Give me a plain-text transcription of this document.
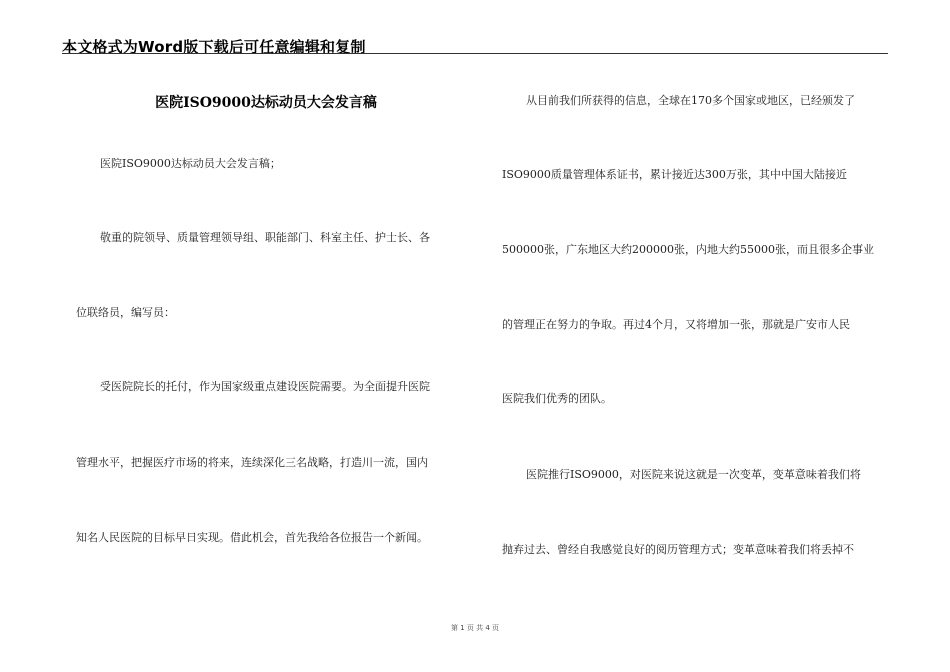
本文格式为Word版下载后可任意编辑和复制
医院ISO9000达标动员大会发言稿
医院ISO9000达标动员大会发言稿；
敬重的院领导、质量管理领导组、职能部门、科室主任、护士长、各
位联络员，编写员：
受医院院长的托付，作为国家级重点建设医院需要。为全面提升医院
管理水平，把握医疗市场的将来，连续深化三名战略，打造川一流，国内
知名人民医院的目标早日实现。借此机会，首先我给各位报告一个新闻。
从目前我们所获得的信息，全球在170多个国家或地区，已经颁发了
ISO9000质量管理体系证书，累计接近达300万张，其中中国大陆接近
500000张，广东地区大约200000张，内地大约55000张，而且很多企事业
的管理正在努力的争取。再过4个月，又将增加一张，那就是广安市人民
医院我们优秀的团队。
医院推行ISO9000，对医院来说这就是一次变革，变革意味着我们将
抛弃过去、曾经自我感觉良好的阅历管理方式；变革意味着我们将丢掉不
第 1 页 共 4 页
